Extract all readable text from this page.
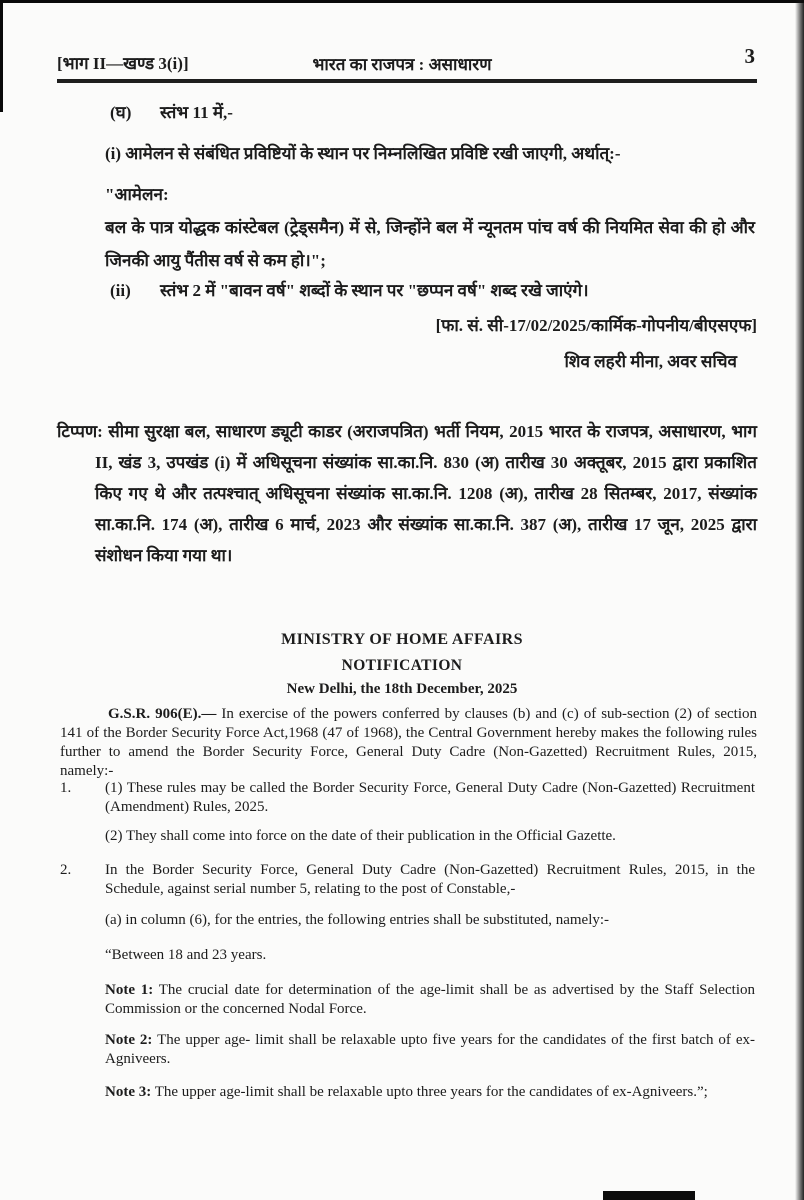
[भाग II—खण्ड 3(i)]	भारत का राजपत्र : असाधारण	3
(घ) स्तंभ 11 में,-
(i) आमेलन से संबंधित प्रविष्टियों के स्थान पर निम्नलिखित प्रविष्टि रखी जाएगी, अर्थात्:-
"आमेलन:
बल के पात्र योद्धक कांस्टेबल (ट्रेड्समैन) में से, जिन्होंने बल में न्यूनतम पांच वर्ष की नियमित सेवा की हो और जिनकी आयु पैंतीस वर्ष से कम हो।";
(ii) स्तंभ 2 में "बावन वर्ष" शब्दों के स्थान पर "छप्पन वर्ष" शब्द रखे जाएंगे।
[फा. सं. सी-17/02/2025/कार्मिक-गोपनीय/बीएसएफ]
शिव लहरी मीना, अवर सचिव
टिप्पण: सीमा सुरक्षा बल, साधारण ड्यूटी काडर (अराजपत्रित) भर्ती नियम, 2015 भारत के राजपत्र, असाधारण, भाग II, खंड 3, उपखंड (i) में अधिसूचना संख्यांक सा.का.नि. 830 (अ) तारीख 30 अक्तूबर, 2015 द्वारा प्रकाशित किए गए थे और तत्पश्चात् अधिसूचना संख्यांक सा.का.नि. 1208 (अ), तारीख 28 सितम्बर, 2017, संख्यांक सा.का.नि. 174 (अ), तारीख 6 मार्च, 2023 और संख्यांक सा.का.नि. 387 (अ), तारीख 17 जून, 2025 द्वारा संशोधन किया गया था।
MINISTRY OF HOME AFFAIRS
NOTIFICATION
New Delhi, the 18th December, 2025
G.S.R. 906(E).— In exercise of the powers conferred by clauses (b) and (c) of sub-section (2) of section 141 of the Border Security Force Act,1968 (47 of 1968), the Central Government hereby makes the following rules further to amend the Border Security Force, General Duty Cadre (Non-Gazetted) Recruitment Rules, 2015, namely:-
1.	(1) These rules may be called the Border Security Force, General Duty Cadre (Non-Gazetted) Recruitment (Amendment) Rules, 2025.
(2) They shall come into force on the date of their publication in the Official Gazette.
2.	In the Border Security Force, General Duty Cadre (Non-Gazetted) Recruitment Rules, 2015, in the Schedule, against serial number 5, relating to the post of Constable,-
(a) in column (6), for the entries, the following entries shall be substituted, namely:-
“Between 18 and 23 years.
Note 1: The crucial date for determination of the age-limit shall be as advertised by the Staff Selection Commission or the concerned Nodal Force.
Note 2: The upper age- limit shall be relaxable upto five years for the candidates of the first batch of ex-Agniveers.
Note 3: The upper age-limit shall be relaxable upto three years for the candidates of ex-Agniveers.”;
